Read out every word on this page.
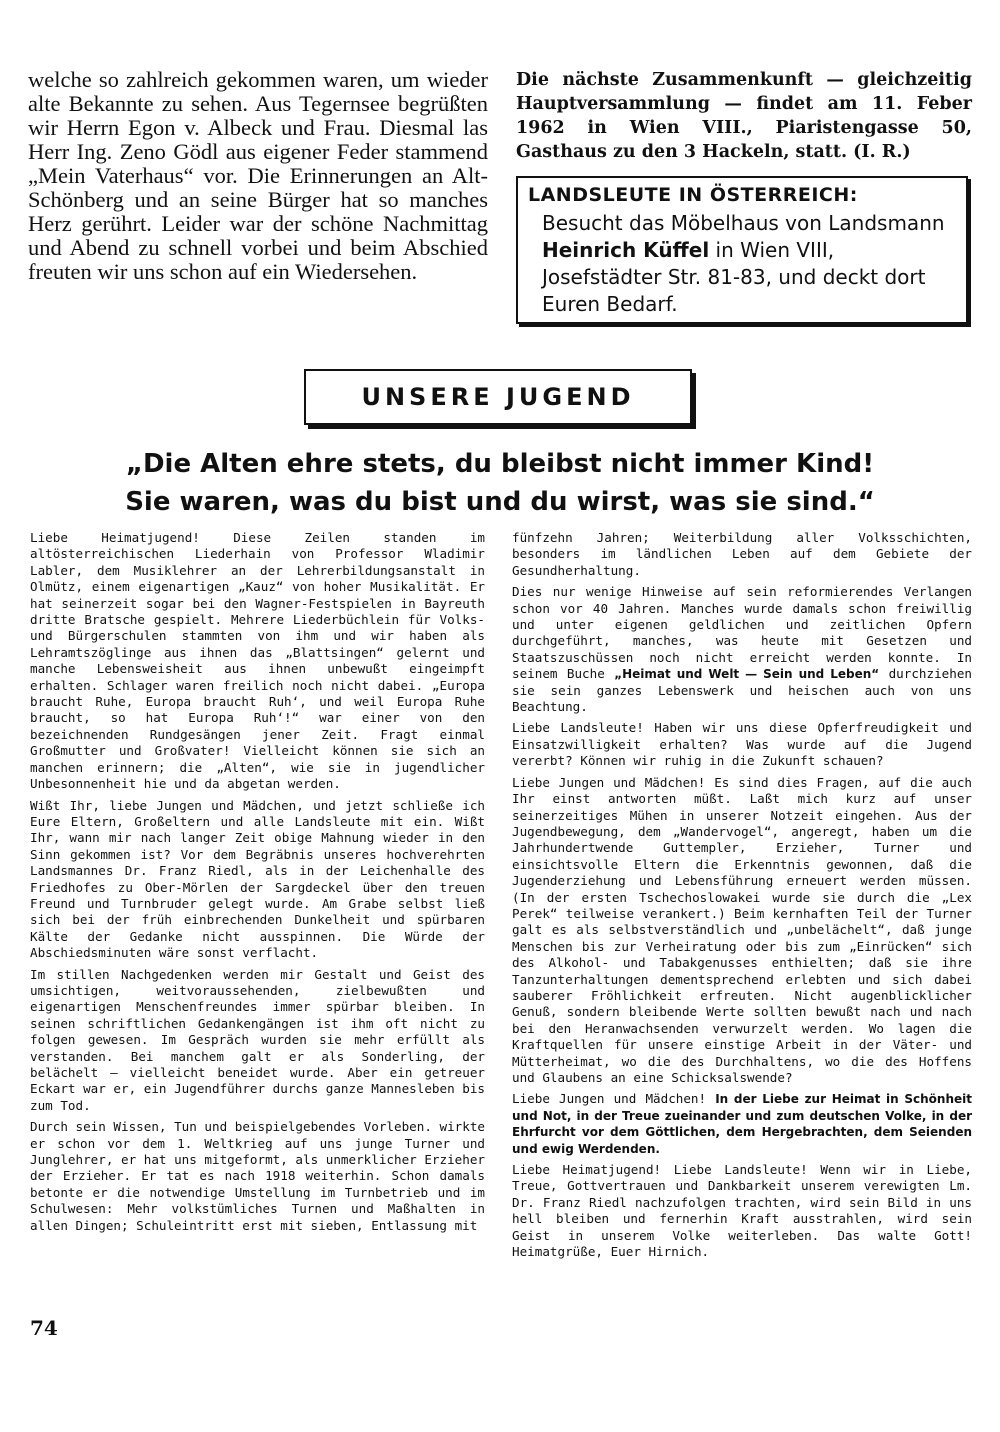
welche so zahlreich gekommen waren, um wieder alte Bekannte zu sehen. Aus Tegernsee begrüßten wir Herrn Egon v. Albeck und Frau. Diesmal las Herr Ing. Zeno Gödl aus eigener Feder stammend „Mein Vaterhaus“ vor. Die Erinnerungen an Alt-Schönberg und an seine Bürger hat so manches Herz gerührt. Leider war der schöne Nachmittag und Abend zu schnell vorbei und beim Abschied freuten wir uns schon auf ein Wiedersehen.
Die nächste Zusammenkunft — gleichzeitig Hauptversammlung — findet am 11. Feber 1962 in Wien VIII., Piaristengasse 50, Gasthaus zu den 3 Hackeln, statt. (I. R.)
LANDSLEUTE IN ÖSTERREICH:
Besucht das Möbelhaus von Landsmann Heinrich Küffel in Wien VIII, Josefstädter Str. 81-83, und deckt dort Euren Bedarf.
UNSERE JUGEND
„Die Alten ehre stets, du bleibst nicht immer Kind!
Sie waren, was du bist und du wirst, was sie sind.“

Liebe Heimatjugend! Diese Zeilen standen im altösterreichischen Liederhain von Professor Wladimir Labler, dem Musiklehrer an der Lehrerbildungsanstalt in Olmütz, einem eigenartigen „Kauz“ von hoher Musikalität. Er hat seinerzeit sogar bei den Wagner-Festspielen in Bayreuth dritte Bratsche gespielt. Mehrere Liederbüchlein für Volks- und Bürgerschulen stammten von ihm und wir haben als Lehramtszöglinge aus ihnen das „Blattsingen“ gelernt und manche Lebensweisheit aus ihnen unbewußt eingeimpft erhalten. Schlager waren freilich noch nicht dabei. „Europa braucht Ruhe, Europa braucht Ruh‘, und weil Europa Ruhe braucht, so hat Europa Ruh‘!“ war einer von den bezeichnenden Rundgesängen jener Zeit. Fragt einmal Großmutter und Großvater! Vielleicht können sie sich an manchen erinnern; die „Alten“, wie sie in jugendlicher Unbesonnenheit hie und da abgetan werden.

Wißt Ihr, liebe Jungen und Mädchen, und jetzt schließe ich Eure Eltern, Großeltern und alle Landsleute mit ein. Wißt Ihr, wann mir nach langer Zeit obige Mahnung wieder in den Sinn gekommen ist? Vor dem Begräbnis unseres hochverehrten Landsmannes Dr. Franz Riedl, als in der Leichenhalle des Friedhofes zu Ober-Mörlen der Sargdeckel über den treuen Freund und Turnbruder gelegt wurde. Am Grabe selbst ließ sich bei der früh einbrechenden Dunkelheit und spürbaren Kälte der Gedanke nicht ausspinnen. Die Würde der Abschiedsminuten wäre sonst verflacht.

Im stillen Nachgedenken werden mir Gestalt und Geist des umsichtigen, weitvoraussehenden, zielbewußten und eigenartigen Menschenfreundes immer spürbar bleiben. In seinen schriftlichen Gedankengängen ist ihm oft nicht zu folgen gewesen. Im Gespräch wurden sie mehr erfüllt als verstanden. Bei manchem galt er als Sonderling, der belächelt — vielleicht beneidet wurde. Aber ein getreuer Eckart war er, ein Jugendführer durchs ganze Mannesleben bis zum Tod.

Durch sein Wissen, Tun und beispielgebendes Vorleben. wirkte er schon vor dem 1. Weltkrieg auf uns junge Turner und Junglehrer, er hat uns mitgeformt, als unmerklicher Erzieher der Erzieher. Er tat es nach 1918 weiterhin. Schon damals betonte er die notwendige Umstellung im Turnbetrieb und im Schulwesen: Mehr volkstümliches Turnen und Maßhalten in allen Dingen; Schuleintritt erst mit sieben, Entlassung mit

fünfzehn Jahren; Weiterbildung aller Volksschichten, besonders im ländlichen Leben auf dem Gebiete der Gesundherhaltung.

Dies nur wenige Hinweise auf sein reformierendes Verlangen schon vor 40 Jahren. Manches wurde damals schon freiwillig und unter eigenen geldlichen und zeitlichen Opfern durchgeführt, manches, was heute mit Gesetzen und Staatszuschüssen noch nicht erreicht werden konnte. In seinem Buche „Heimat und Welt — Sein und Leben“ durchziehen sie sein ganzes Lebenswerk und heischen auch von uns Beachtung.

Liebe Landsleute! Haben wir uns diese Opferfreudigkeit und Einsatzwilligkeit erhalten? Was wurde auf die Jugend vererbt? Können wir ruhig in die Zukunft schauen?

Liebe Jungen und Mädchen! Es sind dies Fragen, auf die auch Ihr einst antworten müßt. Laßt mich kurz auf unser seinerzeitiges Mühen in unserer Notzeit eingehen. Aus der Jugendbewegung, dem „Wandervogel“, angeregt, haben um die Jahrhundertwende Guttempler, Erzieher, Turner und einsichtsvolle Eltern die Erkenntnis gewonnen, daß die Jugenderziehung und Lebensführung erneuert werden müssen. (In der ersten Tschechoslowakei wurde sie durch die „Lex Perek“ teilweise verankert.) Beim kernhaften Teil der Turner galt es als selbstverständlich und „unbelächelt“, daß junge Menschen bis zur Verheiratung oder bis zum „Einrücken“ sich des Alkohol- und Tabakgenusses enthielten; daß sie ihre Tanzunterhaltungen dementsprechend erlebten und sich dabei sauberer Fröhlichkeit erfreuten. Nicht augenblicklicher Genuß, sondern bleibende Werte sollten bewußt nach und nach bei den Heranwachsenden verwurzelt werden. Wo lagen die Kraftquellen für unsere einstige Arbeit in der Väter- und Mütterheimat, wo die des Durchhaltens, wo die des Hoffens und Glaubens an eine Schicksalswende?

Liebe Jungen und Mädchen! In der Liebe zur Heimat in Schönheit und Not, in der Treue zueinander und zum deutschen Volke, in der Ehrfurcht vor dem Göttlichen, dem Hergebrachten, dem Seienden und ewig Werdenden.

Liebe Heimatjugend! Liebe Landsleute! Wenn wir in Liebe, Treue, Gottvertrauen und Dankbarkeit unserem verewigten Lm. Dr. Franz Riedl nachzufolgen trachten, wird sein Bild in uns hell bleiben und fernerhin Kraft ausstrahlen, wird sein Geist in unserem Volke weiterleben. Das walte Gott! Heimatgrüße, Euer Hirnich.

74
